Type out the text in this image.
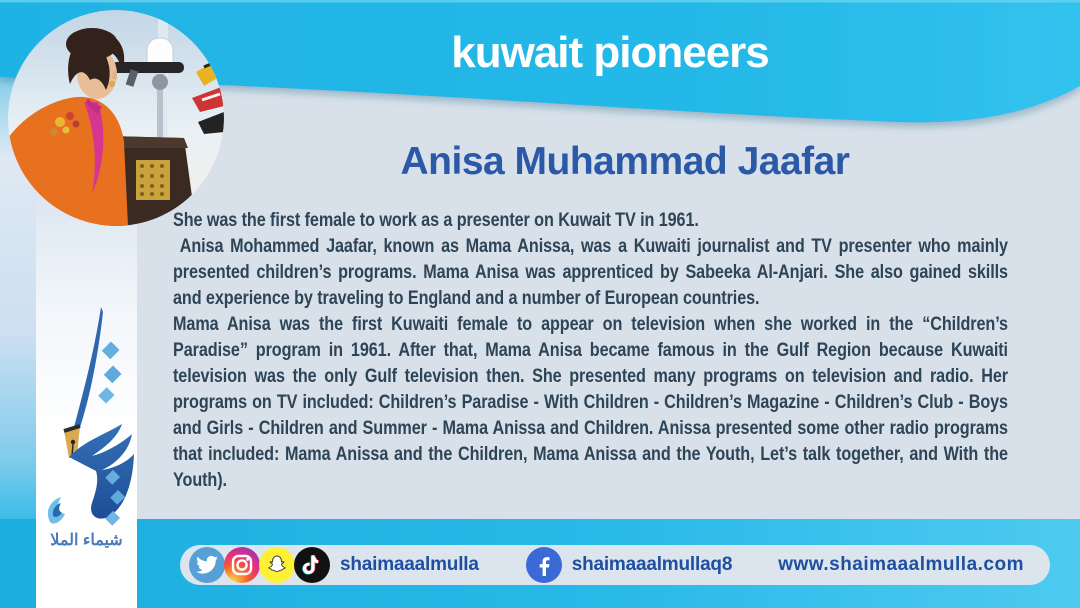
شيماء الملا
kuwait pioneers
Anisa Muhammad Jaafar

She was the first female to work as a presenter on Kuwait TV in 1961.

Anisa Mohammed Jaafar, known as Mama Anissa, was a Kuwaiti journalist and TV presenter who mainly presented children’s programs. Mama Anisa was apprenticed by Sabeeka Al-Anjari. She also gained skills and experience by traveling to England and a number of European countries.

Mama Anisa was the first Kuwaiti female to appear on television when she worked in the “Children’s Paradise” program in 1961. After that, Mama Anisa became famous in the Gulf Region because Kuwaiti television was the only Gulf television then. She presented many programs on television and radio. Her programs on TV included: Children’s Paradise - With Children - Children’s Magazine - Children’s Club - Boys and Girls - Children and Summer - Mama Anissa and Children. Anissa presented some other radio programs that included: Mama Anissa and the Children, Mama Anissa and the Youth, Let’s talk together, and With the Youth).

shaimaaalmulla	shaimaaalmullaq8 www.shaimaaalmulla.com
